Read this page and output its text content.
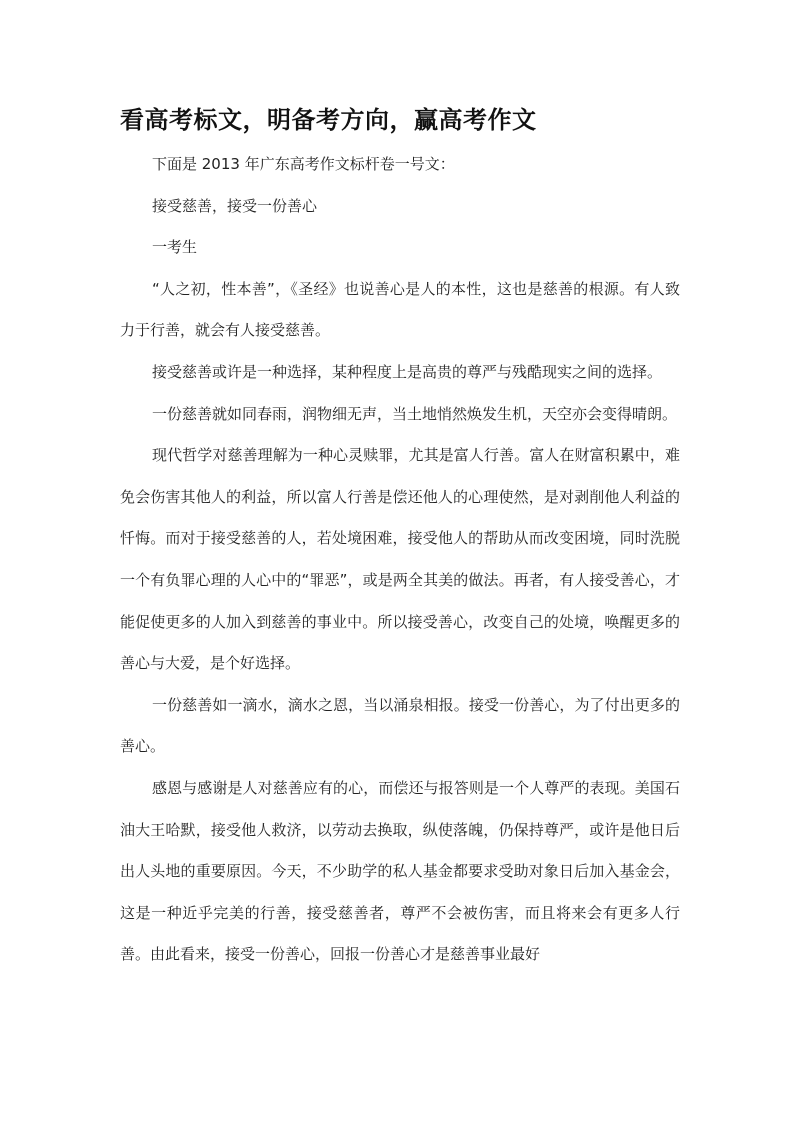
看高考标文，明备考方向，赢高考作文

下面是 2013 年广东高考作文标杆卷一号文：

接受慈善，接受一份善心

一考生

“人之初，性本善”，《圣经》也说善心是人的本性，这也是慈善的根源。有人致力于行善，就会有人接受慈善。

接受慈善或许是一种选择，某种程度上是高贵的尊严与残酷现实之间的选择。

一份慈善就如同春雨，润物细无声，当土地悄然焕发生机，天空亦会变得晴朗。

现代哲学对慈善理解为一种心灵赎罪，尤其是富人行善。富人在财富积累中，难免会伤害其他人的利益，所以富人行善是偿还他人的心理使然，是对剥削他人利益的忏悔。而对于接受慈善的人，若处境困难，接受他人的帮助从而改变困境，同时洗脱一个有负罪心理的人心中的“罪恶”，或是两全其美的做法。再者，有人接受善心，才能促使更多的人加入到慈善的事业中。所以接受善心，改变自己的处境，唤醒更多的善心与大爱，是个好选择。

一份慈善如一滴水，滴水之恩，当以涌泉相报。接受一份善心，为了付出更多的善心。

感恩与感谢是人对慈善应有的心，而偿还与报答则是一个人尊严的表现。美国石油大王哈默，接受他人救济，以劳动去换取，纵使落魄，仍保持尊严，或许是他日后出人头地的重要原因。今天，不少助学的私人基金都要求受助对象日后加入基金会，这是一种近乎完美的行善，接受慈善者，尊严不会被伤害，而且将来会有更多人行善。由此看来，接受一份善心，回报一份善心才是慈善事业最好
